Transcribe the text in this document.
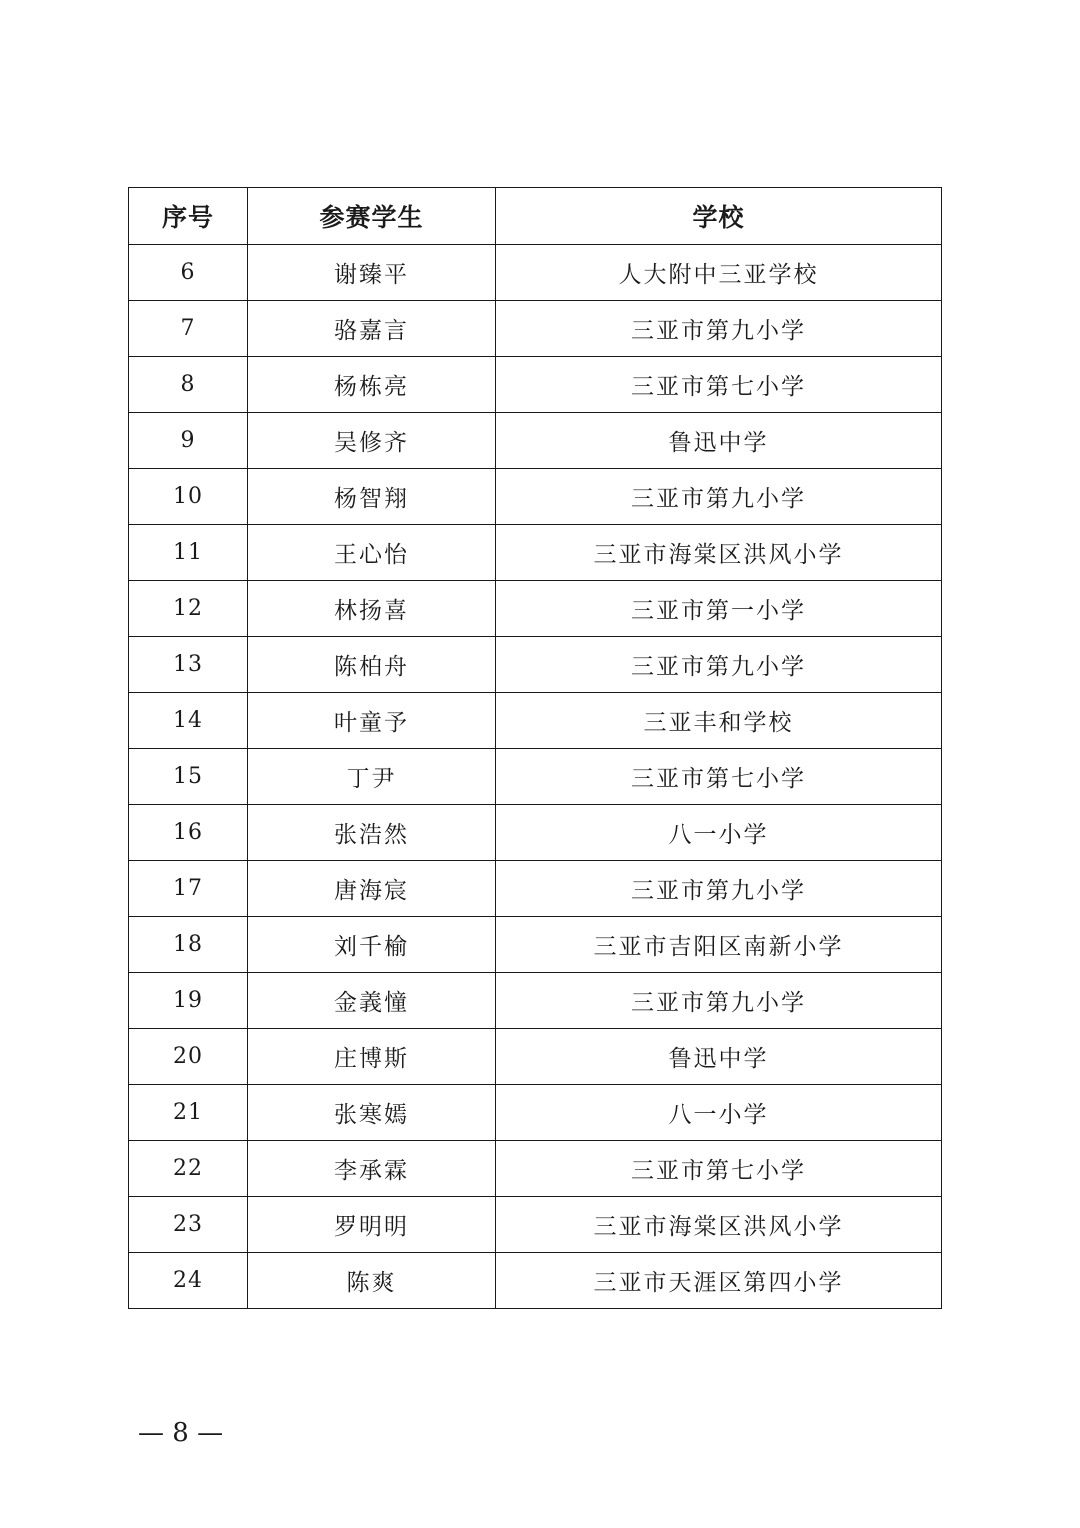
序号	参赛学生	学校
6	谢臻平	人大附中三亚学校
7	骆嘉言	三亚市第九小学
8	杨栋亮	三亚市第七小学
9	吴修齐	鲁迅中学
10	杨智翔	三亚市第九小学
11	王心怡	三亚市海棠区洪风小学
12	林扬喜	三亚市第一小学
13	陈柏舟	三亚市第九小学
14	叶童予	三亚丰和学校
15	丁尹	三亚市第七小学
16	张浩然	八一小学
17	唐海宸	三亚市第九小学
18	刘千榆	三亚市吉阳区南新小学
19	金義憧	三亚市第九小学
20	庄博斯	鲁迅中学
21	张寒嫣	八一小学
22	李承霖	三亚市第七小学
23	罗明明	三亚市海棠区洪风小学
24	陈爽	三亚市天涯区第四小学
— 8 —
